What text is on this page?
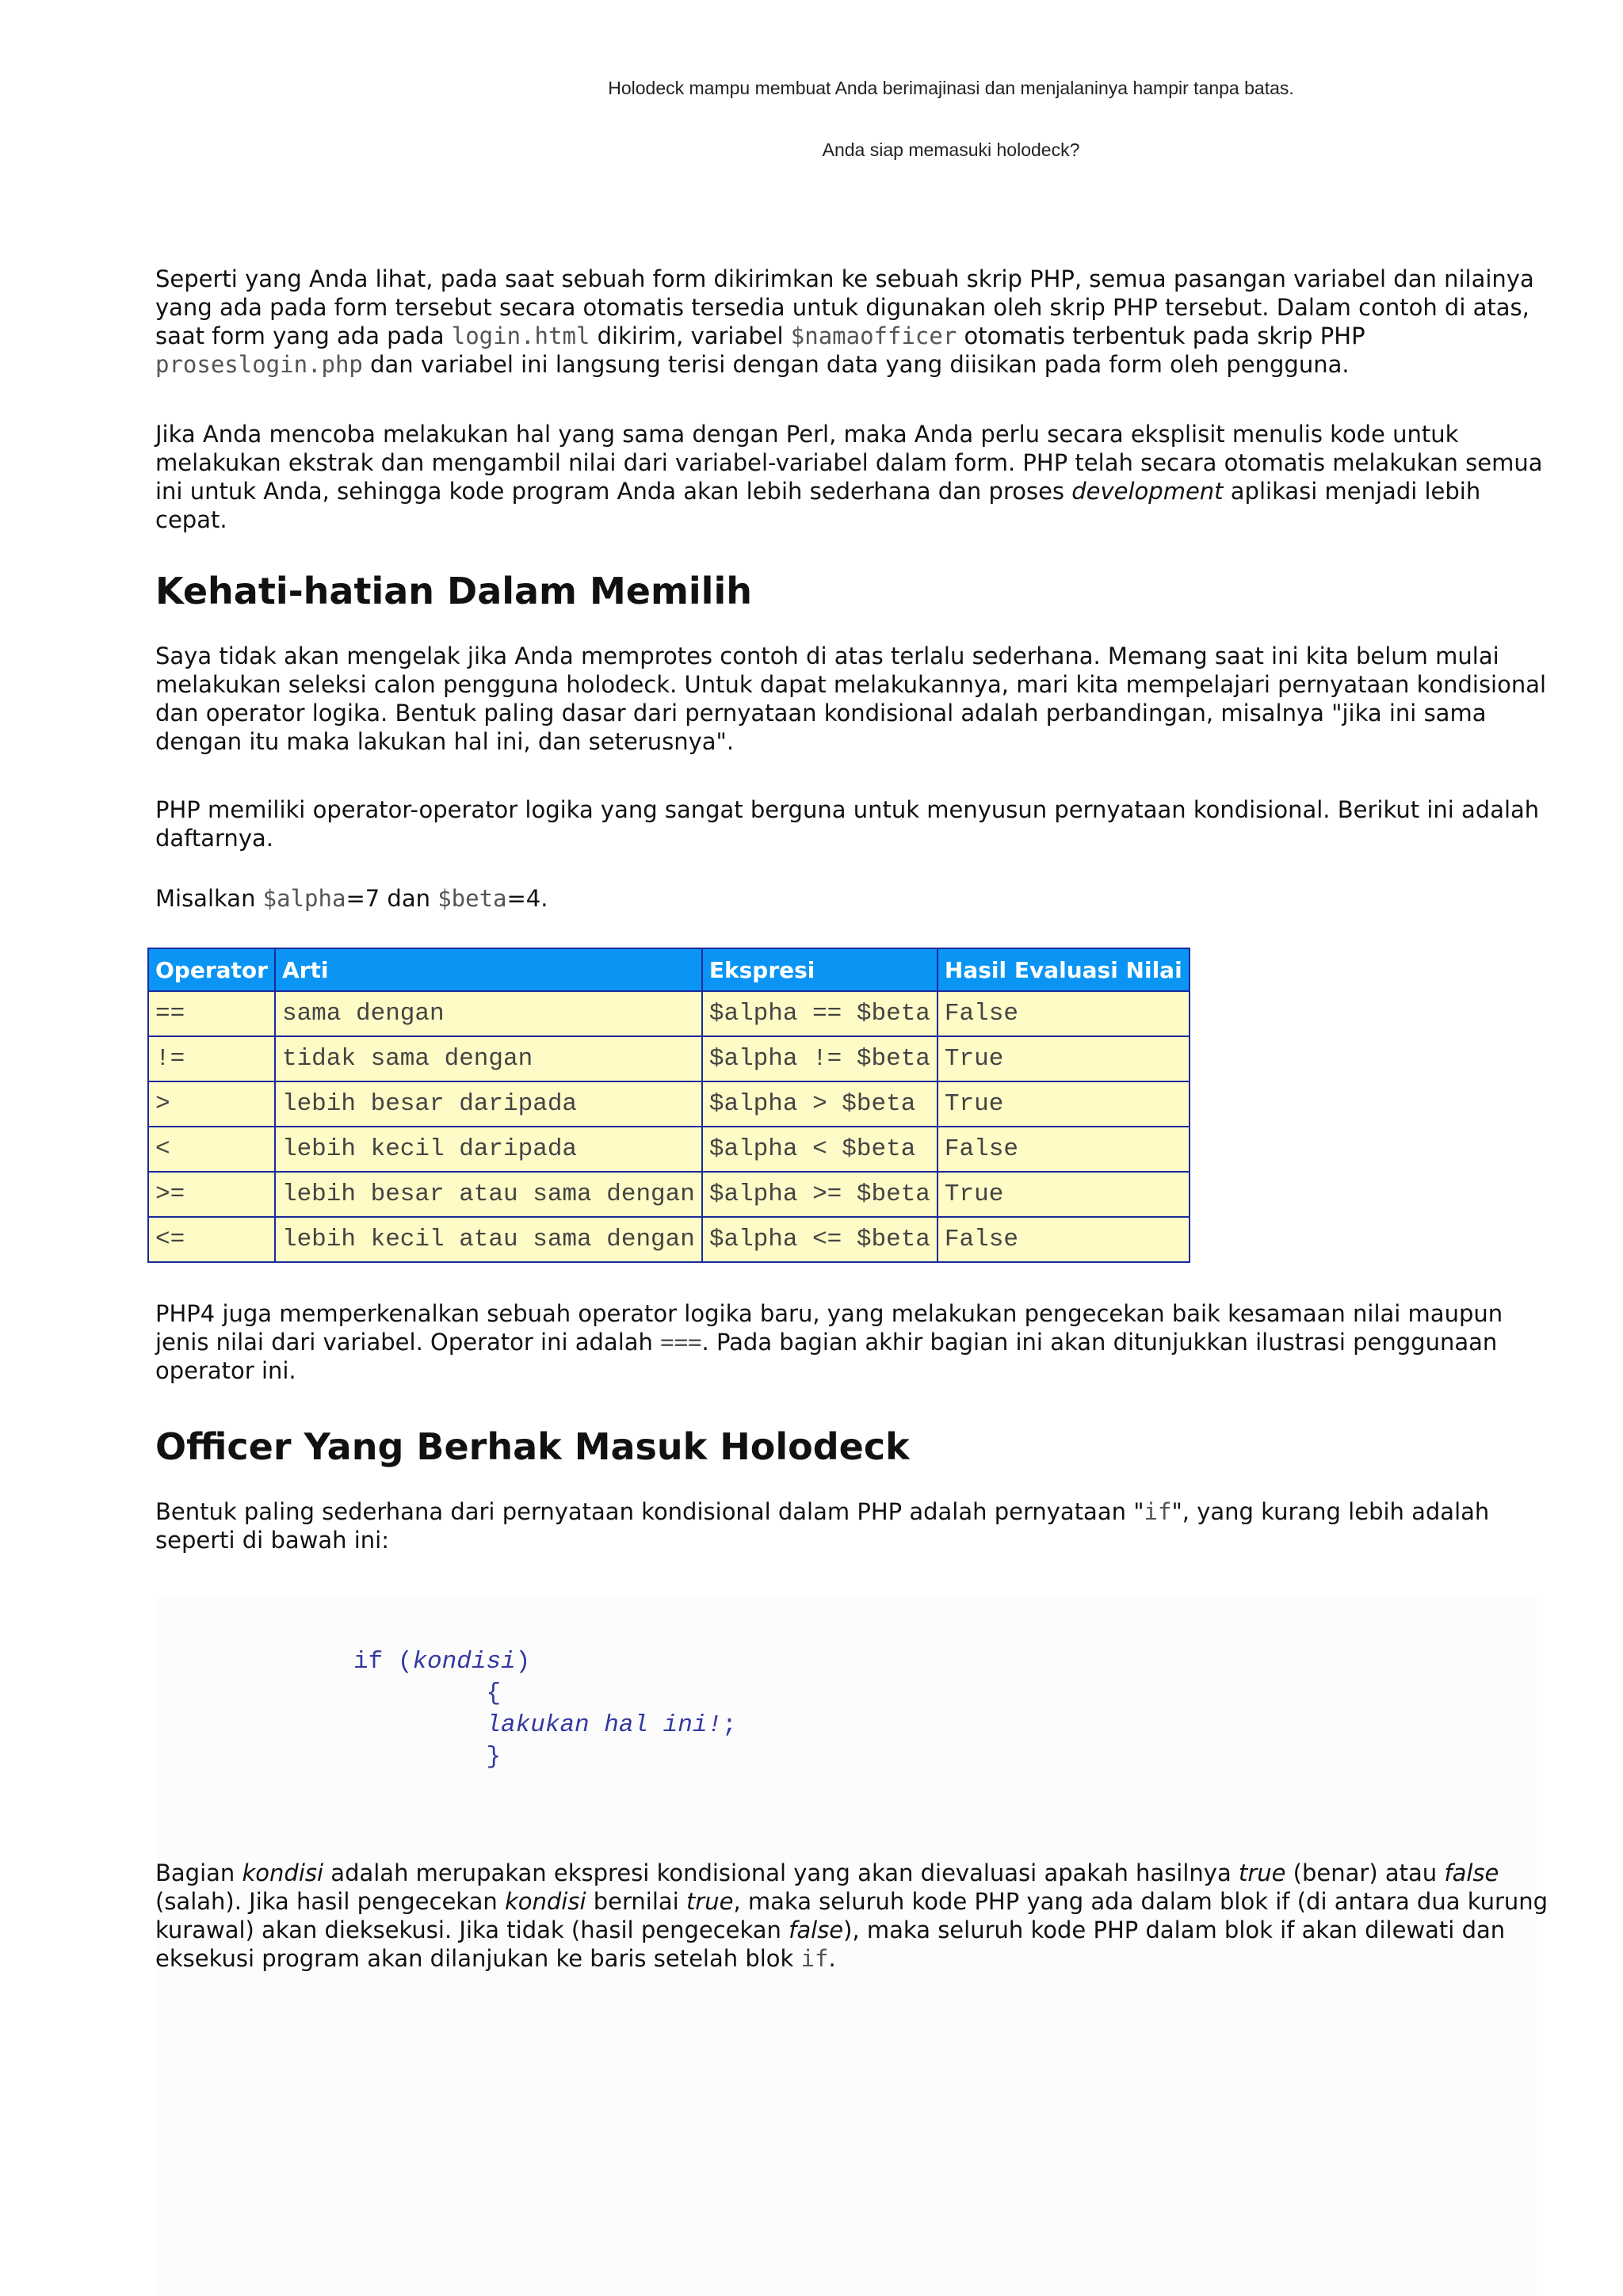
Holodeck mampu membuat Anda berimajinasi dan menjalaninya hampir tanpa batas.
Anda siap memasuki holodeck?

Seperti yang Anda lihat, pada saat sebuah form dikirimkan ke sebuah skrip PHP, semua pasangan variabel dan nilainya yang ada pada form tersebut secara otomatis tersedia untuk digunakan oleh skrip PHP tersebut. Dalam contoh di atas, saat form yang ada pada login.html dikirim, variabel $namaofficer otomatis terbentuk pada skrip PHP proseslogin.php dan variabel ini langsung terisi dengan data yang diisikan pada form oleh pengguna.

Jika Anda mencoba melakukan hal yang sama dengan Perl, maka Anda perlu secara eksplisit menulis kode untuk melakukan ekstrak dan mengambil nilai dari variabel-variabel dalam form. PHP telah secara otomatis melakukan semua ini untuk Anda, sehingga kode program Anda akan lebih sederhana dan proses development aplikasi menjadi lebih cepat.

Kehati-hatian Dalam Memilih

Saya tidak akan mengelak jika Anda memprotes contoh di atas terlalu sederhana. Memang saat ini kita belum mulai melakukan seleksi calon pengguna holodeck. Untuk dapat melakukannya, mari kita mempelajari pernyataan kondisional dan operator logika. Bentuk paling dasar dari pernyataan kondisional adalah perbandingan, misalnya "jika ini sama dengan itu maka lakukan hal ini, dan seterusnya".

PHP memiliki operator-operator logika yang sangat berguna untuk menyusun pernyataan kondisional. Berikut ini adalah daftarnya.

Misalkan $alpha=7 dan $beta=4.

Operator	Arti	Ekspresi	Hasil Evaluasi Nilai
==	sama dengan	$alpha == $beta	False
!=	tidak sama dengan	$alpha != $beta	True
>	lebih besar daripada	$alpha > $beta	True
<	lebih kecil daripada	$alpha < $beta	False
>=	lebih besar atau sama dengan	$alpha >= $beta	True
<=	lebih kecil atau sama dengan	$alpha <= $beta	False

PHP4 juga memperkenalkan sebuah operator logika baru, yang melakukan pengecekan baik kesamaan nilai maupun jenis nilai dari variabel. Operator ini adalah ===. Pada bagian akhir bagian ini akan ditunjukkan ilustrasi penggunaan operator ini.

Officer Yang Berhak Masuk Holodeck

Bentuk paling sederhana dari pernyataan kondisional dalam PHP adalah pernyataan "if", yang kurang lebih adalah seperti di bawah ini:

if (kondisi)
{
lakukan hal ini!;
}

Bagian kondisi adalah merupakan ekspresi kondisional yang akan dievaluasi apakah hasilnya true (benar) atau false (salah). Jika hasil pengecekan kondisi bernilai true, maka seluruh kode PHP yang ada dalam blok if (di antara dua kurung kurawal) akan dieksekusi. Jika tidak (hasil pengecekan false), maka seluruh kode PHP dalam blok if akan dilewati dan eksekusi program akan dilanjukan ke baris setelah blok if.
